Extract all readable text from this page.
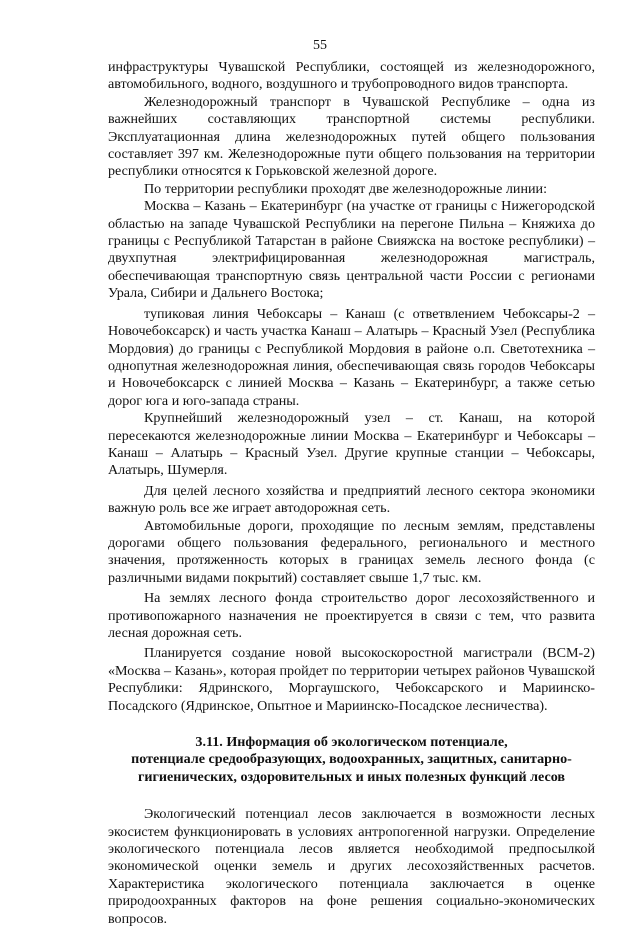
55

инфраструктуры Чувашской Республики, состоящей из железнодорожного, автомобильного, водного, воздушного и трубопроводного видов транспорта.

Железнодорожный транспорт в Чувашской Республике – одна из важнейших составляющих транспортной системы республики. Эксплуатационная длина железнодорожных путей общего пользования составляет 397 км. Железнодорожные пути общего пользования на территории республики относятся к Горьковской железной дороге.

По территории республики проходят две железнодорожные линии:

Москва – Казань – Екатеринбург (на участке от границы с Нижегородской областью на западе Чувашской Республики на перегоне Пильна – Княжиха до границы с Республикой Татарстан в районе Свияжска на востоке республики) – двухпутная электрифицированная железнодорожная магистраль, обеспечивающая транспортную связь центральной части России с регионами Урала, Сибири и Дальнего Востока;

тупиковая линия Чебоксары – Канаш (с ответвлением Чебоксары-2 – Новочебоксарск) и часть участка Канаш – Алатырь – Красный Узел (Республика Мордовия) до границы с Республикой Мордовия в районе о.п. Светотехника – однопутная железнодорожная линия, обеспечивающая связь городов Чебоксары и Новочебоксарск с линией Москва – Казань – Екатеринбург, а также сетью дорог юга и юго-запада страны.

Крупнейший железнодорожный узел – ст. Канаш, на которой пересекаются железнодорожные линии Москва – Екатеринбург и Чебоксары – Канаш – Алатырь – Красный Узел. Другие крупные станции – Чебоксары, Алатырь, Шумерля.

Для целей лесного хозяйства и предприятий лесного сектора экономики важную роль все же играет автодорожная сеть.

Автомобильные дороги, проходящие по лесным землям, представлены дорогами общего пользования федерального, регионального и местного значения, протяженность которых в границах земель лесного фонда (с различными видами покрытий) составляет свыше 1,7 тыс. км.

На землях лесного фонда строительство дорог лесохозяйственного и противопожарного назначения не проектируется в связи с тем, что развита лесная дорожная сеть.

Планируется создание новой высокоскоростной магистрали (ВСМ-2) «Москва – Казань», которая пройдет по территории четырех районов Чувашской Республики: Ядринского, Моргаушского, Чебоксарского и Мариинско-Посадского (Ядринское, Опытное и Мариинско-Посадское лесничества).

3.11. Информация об экологическом потенциале,
потенциале средообразующих, водоохранных, защитных, санитарно-
гигиенических, оздоровительных и иных полезных функций лесов

Экологический потенциал лесов заключается в возможности лесных экосистем функционировать в условиях антропогенной нагрузки. Определение экологического потенциала лесов является необходимой предпосылкой экономической оценки земель и других лесохозяйственных расчетов. Характеристика экологического потенциала заключается в оценке природоохранных факторов на фоне решения социально-экономических вопросов.
